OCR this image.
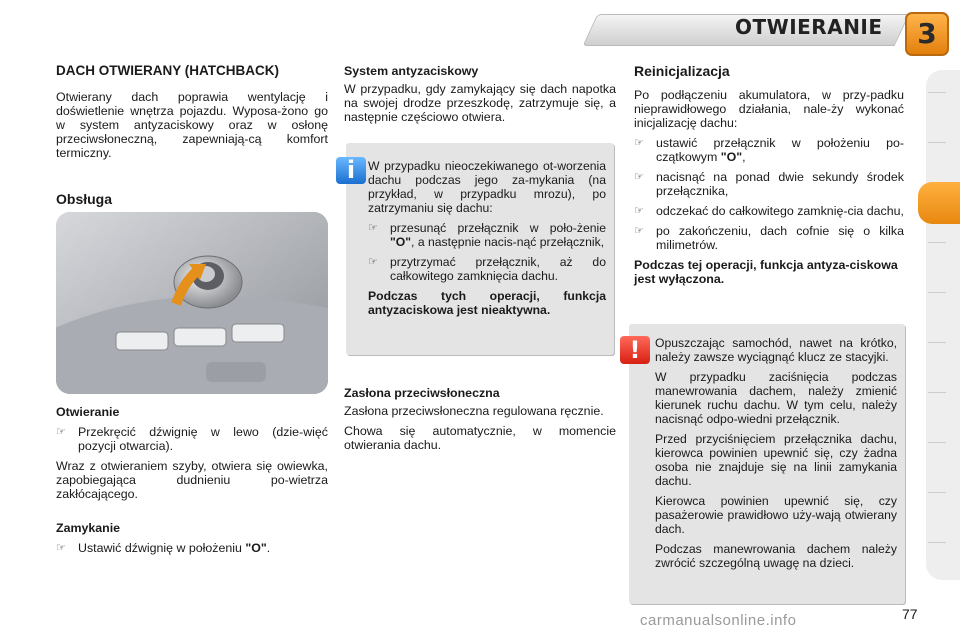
OTWIERANIE	3
DACH OTWIERANY (HATCHBACK)

Otwierany dach poprawia wentylację i doświetlenie wnętrza pojazdu. Wyposa-żono go w system antyzaciskowy oraz w osłonę przeciwsłoneczną, zapewniają-cą komfort termiczny.

Obsługa
Otwieranie
☞ Przekręcić dźwignię w lewo (dzie-więć pozycji otwarcia).

Wraz z otwieraniem szyby, otwiera się owiewka, zapobiegająca dudnieniu po-wietrza zakłócającego.

Zamykanie
☞ Ustawić dźwignię w położeniu "O".
System antyzaciskowy

W przypadku, gdy zamykający się dach napotka na swojej drodze przeszkodę, zatrzymuje się, a następnie częściowo otwiera.

W przypadku nieoczekiwanego ot-worzenia dachu podczas jego za-mykania (na przykład, w przypadku mrozu), po zatrzymaniu się dachu:

☞ przesunąć przełącznik w poło-żenie "O", a następnie nacis-nąć przełącznik,
☞ przytrzymać przełącznik, aż do całkowitego zamknięcia dachu.
Podczas tych operacji, funkcja antyzaciskowa jest nieaktywna.
i
Zasłona przeciwsłoneczna

Zasłona przeciwsłoneczna regulowana ręcznie.

Chowa się automatycznie, w momencie otwierania dachu.

Reinicjalizacja

Po podłączeniu akumulatora, w przy-padku nieprawidłowego działania, nale-ży wykonać inicjalizację dachu:

☞ ustawić przełącznik w położeniu po-czątkowym "O",
☞ nacisnąć na ponad dwie sekundy środek przełącznika,
☞ odczekać do całkowitego zamknię-cia dachu,
☞ po zakończeniu, dach cofnie się o kilka milimetrów.
Podczas tej operacji, funkcja antyza-ciskowa jest wyłączona.

Opuszczając samochód, nawet na krótko, należy zawsze wyciągnąć klucz ze stacyjki.

W przypadku zaciśnięcia podczas manewrowania dachem, należy zmienić kierunek ruchu dachu. W tym celu, należy nacisnąć odpo-wiedni przełącznik.

Przed przyciśnięciem przełącznika dachu, kierowca powinien upewnić się, czy żadna osoba nie znajduje się na linii zamykania dachu.

Kierowca powinien upewnić się, czy pasażerowie prawidłowo uży-wają otwierany dach.

Podczas manewrowania dachem należy zwrócić szczególną uwagę na dzieci.

!
carmanualsonline.info	77
